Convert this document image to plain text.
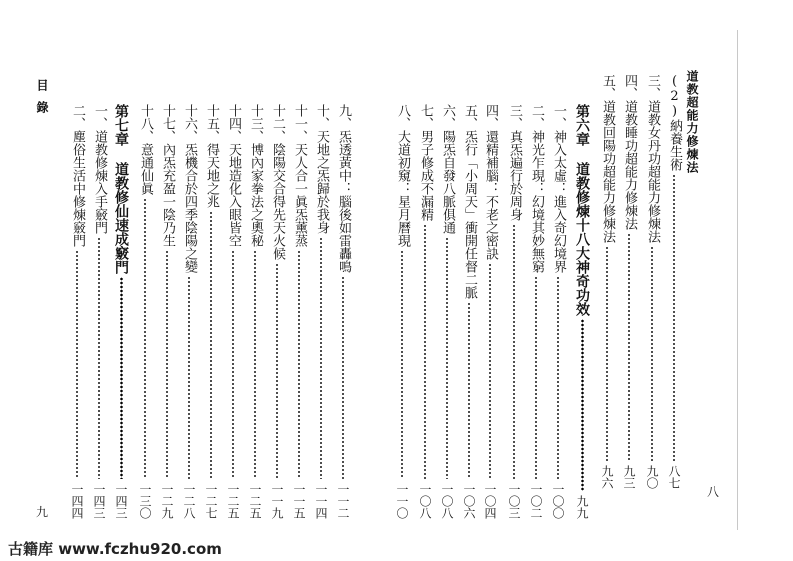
道教超能力修煉法
八
目錄
九
(2)納養生術
八七
三、道教女丹功超能力修煉法
九〇
四、道教睡功超能力修煉法
九三
五、道教回陽功超能力修煉法
九六
第六章 道教修煉十八大神奇功效
九九
一、神入太虛：進入奇幻境界
一〇〇
二、神光乍現：幻境其妙無窮
一〇二
三、真炁遍行於周身
一〇三
四、還精補腦：不老之密訣
一〇四
五、炁行「小周天」衝開任督二脈
一〇六
六、陽炁自發八脈俱通
一〇八
七、男子修成不漏精
一〇八
八、大道初窺：星月曆現
一一〇
九、炁透黃中：腦後如雷轟鳴
一一二
十、天地之炁歸於我身
一一四
十一、天人合一眞炁薰蒸
一一五
十二、陰陽交合得先天火候
一一九
十三、博內家拳法之奧秘
一二五
十四、天地造化入眼皆空
一二五
十五、得天地之兆
一二七
十六、炁機合於四季陰陽之變
一二八
十七、內炁充盈一陰乃生
一二九
十八、意通仙眞
一三〇
第七章 道教修仙速成竅門
一四三
一、道教修煉入手竅門
一四三
二、塵俗生活中修煉竅門
一四四
古籍库 www.fczhu920.com
